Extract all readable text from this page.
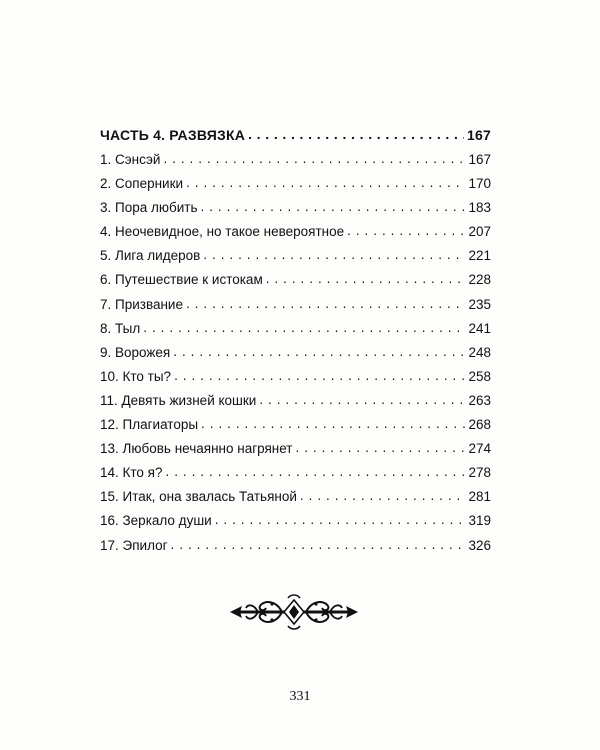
ЧАСТЬ 4. РАЗВЯЗКА . . .	167
1. Сэнсэй . . .	167
2. Соперники . . .	170
3. Пора любить . . .	183
4. Неочевидное, но такое невероятное . . .	207
5. Лига лидеров . . .	221
6. Путешествие к истокам . . .	228
7. Призвание . . .	235
8. Тыл . . .	241
9. Ворожея . . .	248
10. Кто ты? . . .	258
11. Девять жизней кошки . . .	263
12. Плагиаторы . . .	268
13. Любовь нечаянно нагрянет . . .	274
14. Кто я? . . .	278
15. Итак, она звалась Татьяной . . .	281
16. Зеркало души . . .	319
17. Эпилог . . .	326
331
